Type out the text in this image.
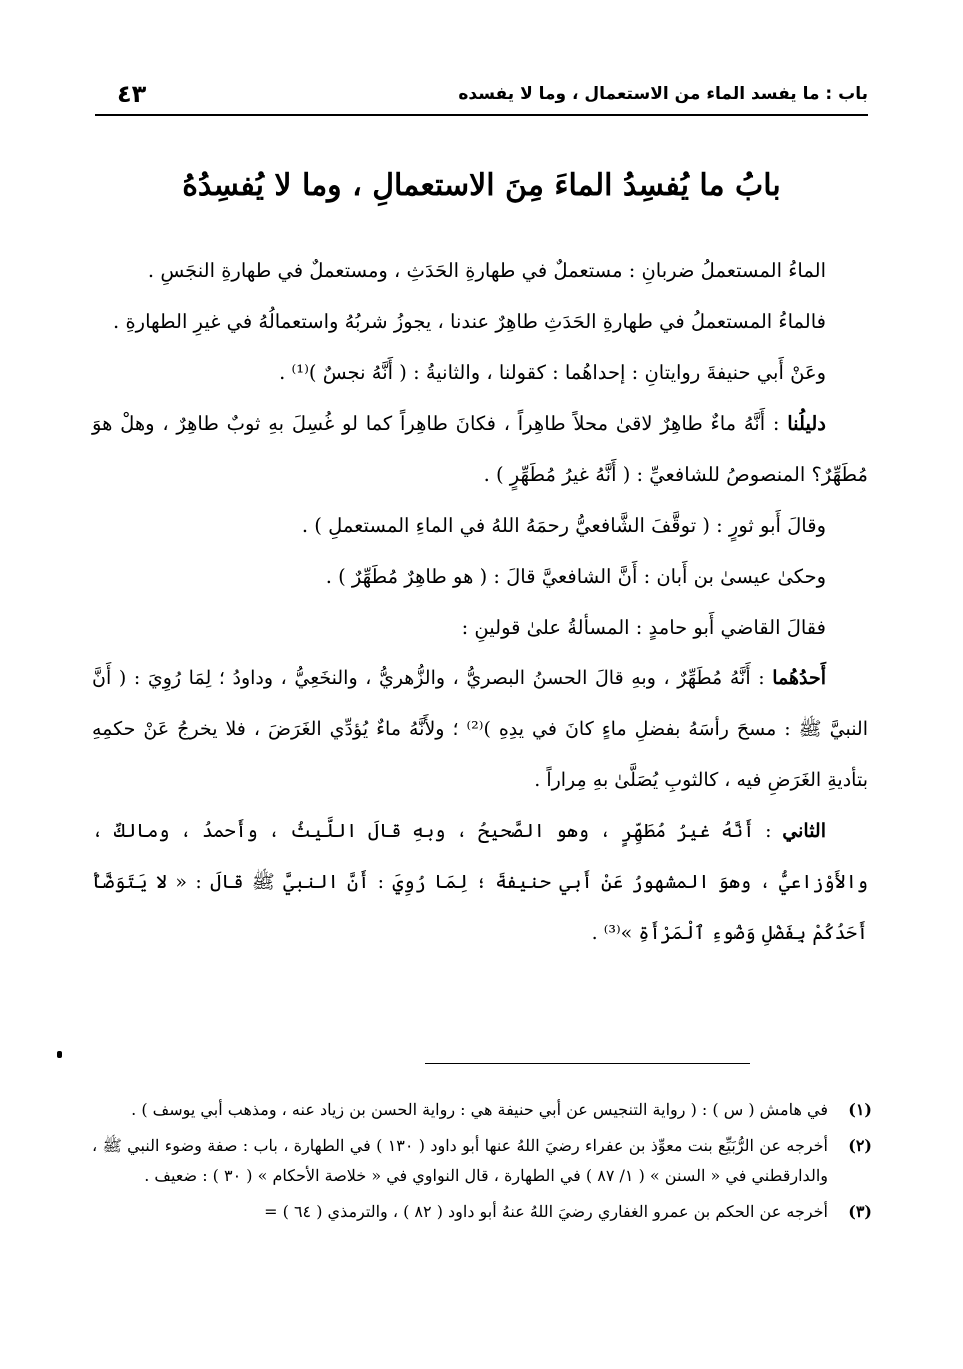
باب : ما يفسد الماء من الاستعمال ، وما لا يفسده
٤٣
بابُ ما يُفسِدُ الماءَ مِنَ الاستعمالِ ، وما لا يُفسِدُهُ

الماءُ المستعملُ ضربانِ : مستعملٌ في طهارةِ الحَدَثِ ، ومستعملٌ في طهارةِ النجَسِ .

فالماءُ المستعملُ في طهارةِ الحَدَثِ طاهِرٌ عندنا ، يجوزُ شربُهُ واستعمالُهُ في غيرِ الطهارةِ .

وعَنْ أَبي حنيفةَ روايتانِ : إحداهُما : كقولنا ، والثانيةُ : ( أَنَّهُ نجسٌ )⁽¹⁾ .

دليلُنا : أَنَّهُ ماءٌ طاهِرٌ لاقىٰ محلاً طاهِراً ، فكانَ طاهِراً كما لو غُسِلَ بهِ ثوبٌ طاهِرٌ ، وهلْ هوَ مُطَهِّرٌ؟ المنصوصُ للشافعيِّ : ( أَنَّهُ غيرُ مُطَهِّرٍ ) .

وقالَ أَبو ثورٍ : ( توقَّفَ الشَّافعيُّ رحمَهُ اللهُ في الماءِ المستعملِ ) .

وحكىٰ عيسىٰ بن أَبان : أَنَّ الشافعيَّ قالَ : ( هو طاهِرٌ مُطَهِّرٌ ) .

فقالَ القاضي أَبو حامدٍ : المسألةُ علىٰ قولينِ :

أَحدُهُما : أَنَّهُ مُطَهِّرٌ ، وبهِ قالَ الحسنُ البصريُّ ، والزُّهريُّ ، والنخَعِيُّ ، وداودُ ؛ لِمَا رُوِيَ : ( أَنَّ النبيَّ ﷺ : مسحَ رأسَهُ بفضلِ ماءٍ كانَ في يدِهِ )⁽²⁾ ؛ ولأَنَّهُ ماءٌ يُؤدِّي الغَرَضَ ، فلا يخرجُ عَنْ حكمِهِ بتأديةِ الغَرَضِ فيه ، كالثوبِ يُصَلَّىٰ بهِ مِراراً .

الثاني : أَنَّهُ غيرُ مُطَهِّرٍ ، وهو الصَّحيحُ ، وبهِ قالَ اللَّيثُ ، وأَحمدُ ، ومالكٌ ، والأَوْزاعيُّ ، وهوَ المشهورُ عَنْ أَبي حنيفةَ ؛ لِمَا رُوِيَ : أَنَّ النبيَّ ﷺ قالَ : « لا يَتَوَضَّأْ أَحَدُكُمْ بِفَضْلِ وَضُوءِ ٱلْمَرْأَةِ »⁽³⁾ .

(١)
في هامش ( س ) : ( رواية التنجيس عن أبي حنيفة هي : رواية الحسن بن زياد عنه ، ومذهب أبي يوسف ) .
(٢)
أخرجه عن الرُّبَيِّع بنت معوِّذ بن عفراء رضيَ اللهُ عنها أبو داود ( ١٣٠ ) في الطهارة ، باب : صفة وضوء النبي ﷺ ، والدارقطني في « السنن » ( ١/ ٨٧ ) في الطهارة ، قال النواوي في « خلاصة الأحكام » ( ٣٠ ) : ضعيف .
(٣)
أخرجه عن الحكم بن عمرو الغفاري رضيَ اللهُ عنهُ أبو داود ( ٨٢ ) ، والترمذي ( ٦٤ ) =
